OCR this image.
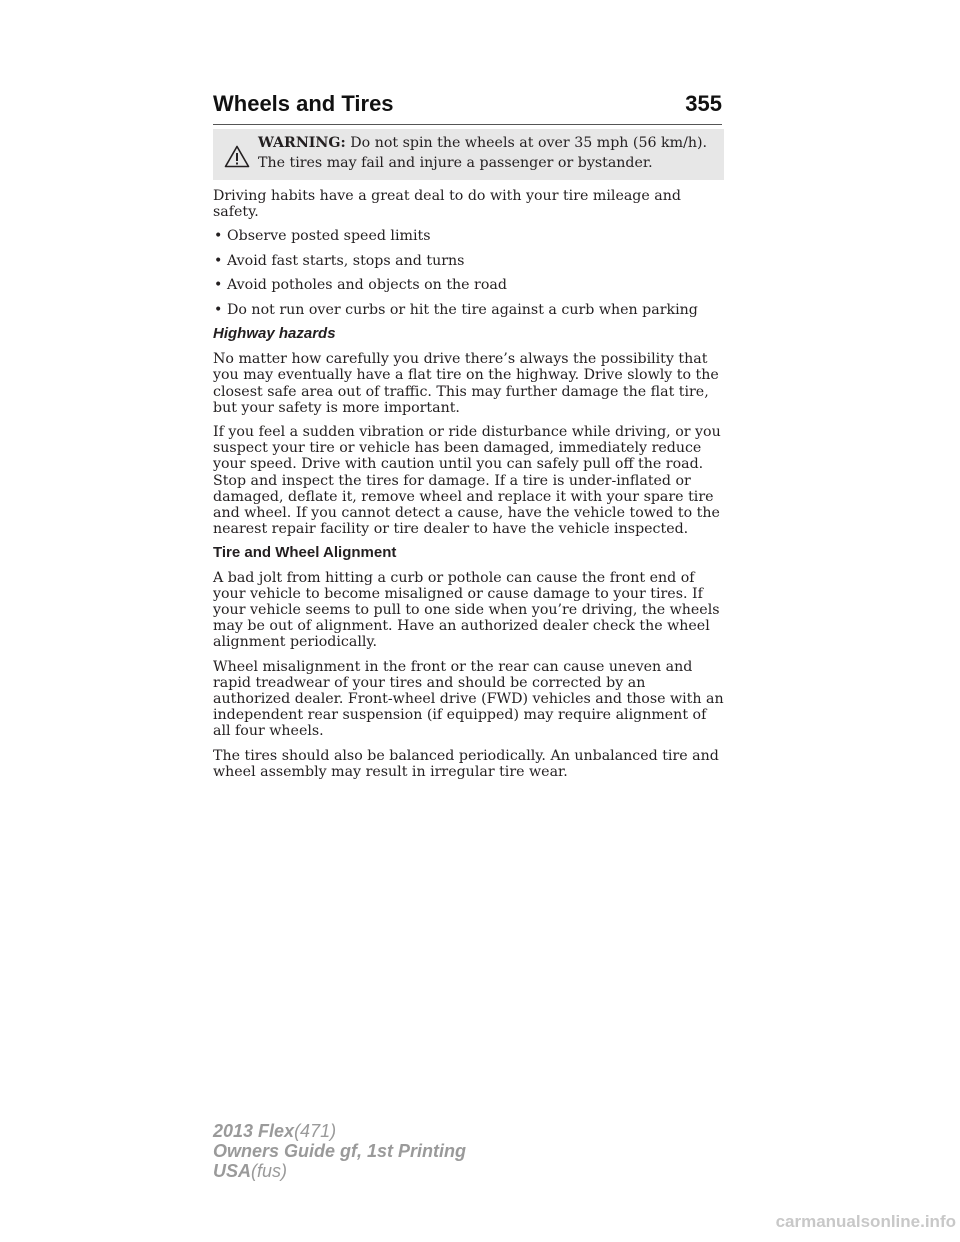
Wheels and Tires	355
WARNING: Do not spin the wheels at over 35 mph (56 km/h). The tires may fail and injure a passenger or bystander.

Driving habits have a great deal to do with your tire mileage and safety.

• Observe posted speed limits
• Avoid fast starts, stops and turns
• Avoid potholes and objects on the road
• Do not run over curbs or hit the tire against a curb when parking
Highway hazards

No matter how carefully you drive there’s always the possibility that you may eventually have a flat tire on the highway. Drive slowly to the closest safe area out of traffic. This may further damage the flat tire, but your safety is more important.

If you feel a sudden vibration or ride disturbance while driving, or you suspect your tire or vehicle has been damaged, immediately reduce your speed. Drive with caution until you can safely pull off the road. Stop and inspect the tires for damage. If a tire is under-inflated or damaged, deflate it, remove wheel and replace it with your spare tire and wheel. If you cannot detect a cause, have the vehicle towed to the nearest repair facility or tire dealer to have the vehicle inspected.

Tire and Wheel Alignment

A bad jolt from hitting a curb or pothole can cause the front end of your vehicle to become misaligned or cause damage to your tires. If your vehicle seems to pull to one side when you’re driving, the wheels may be out of alignment. Have an authorized dealer check the wheel alignment periodically.

Wheel misalignment in the front or the rear can cause uneven and rapid treadwear of your tires and should be corrected by an authorized dealer. Front-wheel drive (FWD) vehicles and those with an independent rear suspension (if equipped) may require alignment of all four wheels.

The tires should also be balanced periodically. An unbalanced tire and wheel assembly may result in irregular tire wear.

2013 Flex(471)
Owners Guide gf, 1st Printing
USA(fus)
carmanualsonline.info
